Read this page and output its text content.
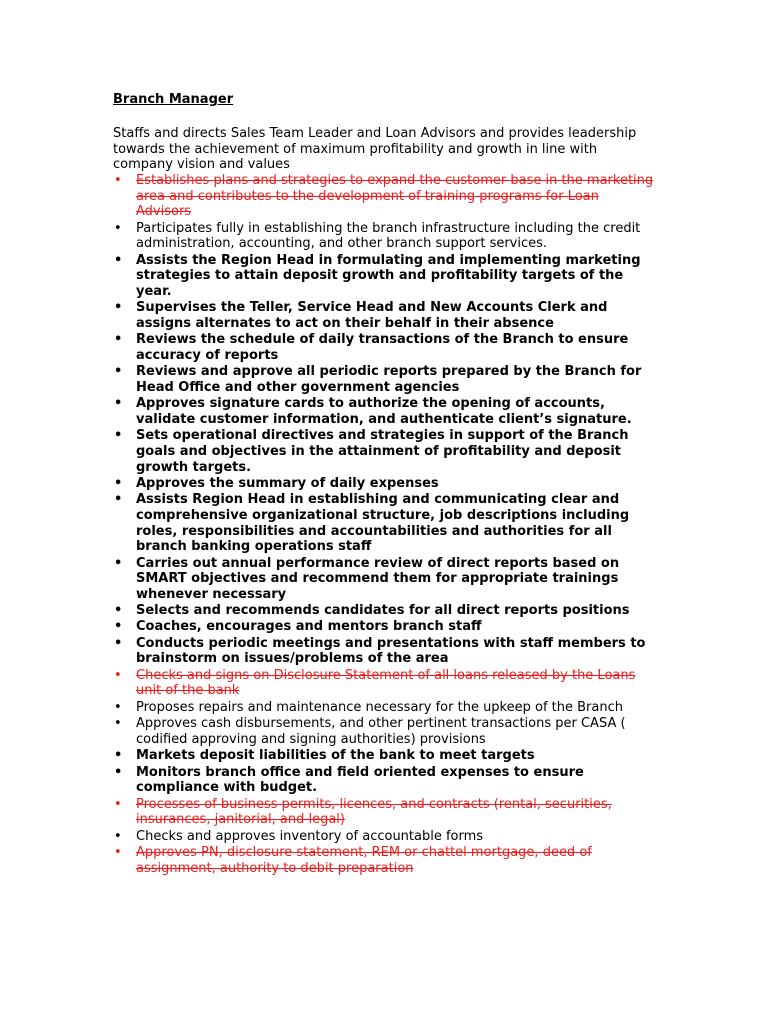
Branch Manager

Staffs and directs Sales Team Leader and Loan Advisors and provides leadership towards the achievement of maximum profitability and growth in line with company vision and values

• Establishes plans and strategies to expand the customer base in the marketing area and contributes to the development of training programs for Loan Advisors
• Participates fully in establishing the branch infrastructure including the credit administration, accounting, and other branch support services.
• Assists the Region Head in formulating and implementing marketing strategies to attain deposit growth and profitability targets of the year.
• Supervises the Teller, Service Head and New Accounts Clerk and assigns alternates to act on their behalf in their absence
• Reviews the schedule of daily transactions of the Branch to ensure accuracy of reports
• Reviews and approve all periodic reports prepared by the Branch for Head Office and other government agencies
• Approves signature cards to authorize the opening of accounts, validate customer information, and authenticate client’s signature.
• Sets operational directives and strategies in support of the Branch goals and objectives in the attainment of profitability and deposit growth targets.
• Approves the summary of daily expenses
• Assists Region Head in establishing and communicating clear and comprehensive organizational structure, job descriptions including roles, responsibilities and accountabilities and authorities for all branch banking operations staff
• Carries out annual performance review of direct reports based on SMART objectives and recommend them for appropriate trainings whenever necessary
• Selects and recommends candidates for all direct reports positions
• Coaches, encourages and mentors branch staff
• Conducts periodic meetings and presentations with staff members to brainstorm on issues/problems of the area
• Checks and signs on Disclosure Statement of all loans released by the Loans unit of the bank
• Proposes repairs and maintenance necessary for the upkeep of the Branch
• Approves cash disbursements, and other pertinent transactions per CASA ( codified approving and signing authorities) provisions
• Markets deposit liabilities of the bank to meet targets
• Monitors branch office and field oriented expenses to ensure compliance with budget.
• Processes of business permits, licences, and contracts (rental, securities, insurances, janitorial, and legal)
• Checks and approves inventory of accountable forms
• Approves PN, disclosure statement, REM or chattel mortgage, deed of assignment, authority to debit preparation
